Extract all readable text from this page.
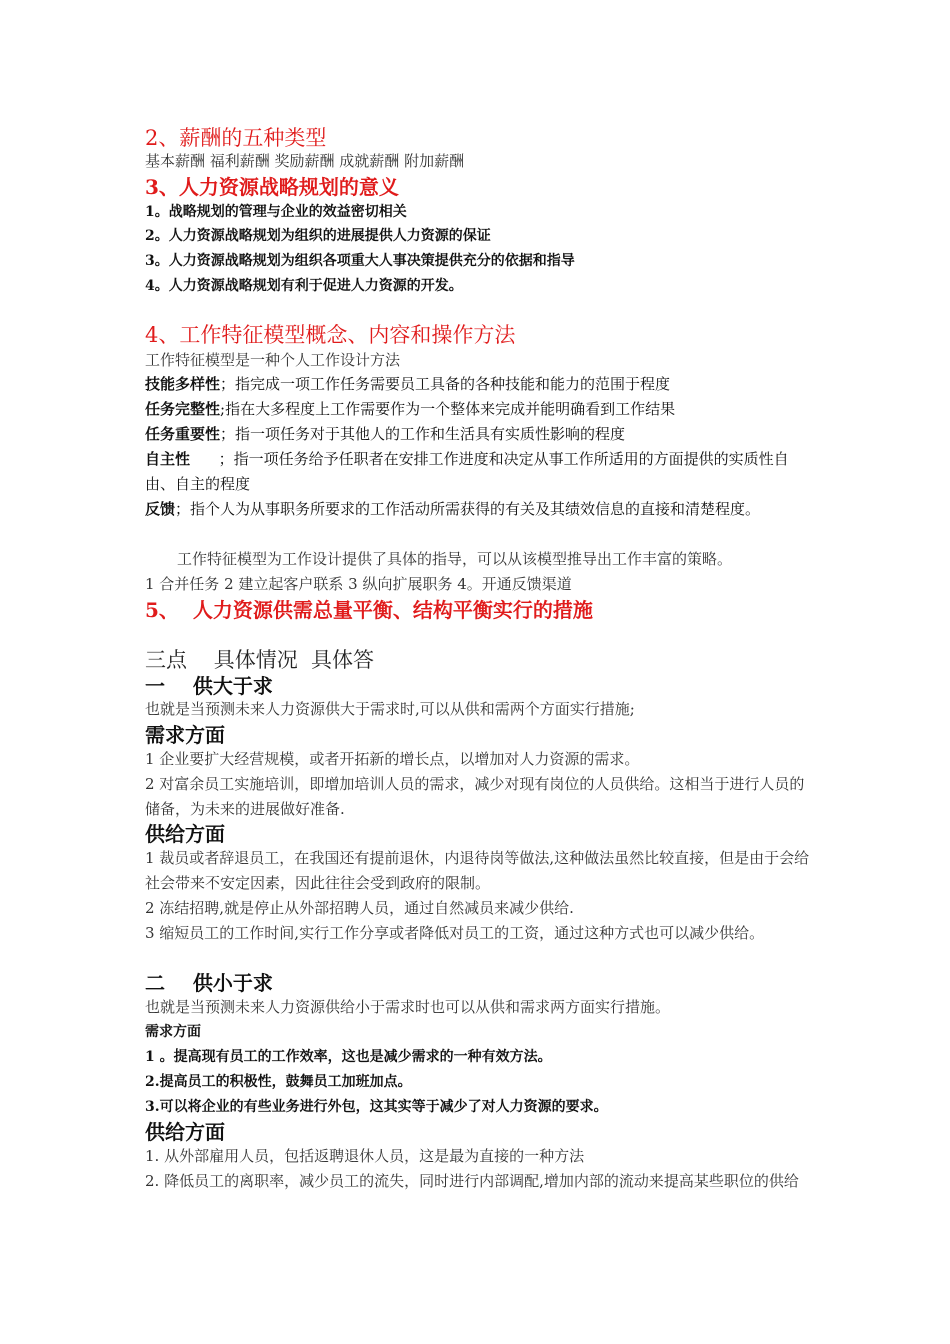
2、薪酬的五种类型
基本薪酬 福利薪酬 奖励薪酬 成就薪酬 附加薪酬
3、人力资源战略规划的意义
1。战略规划的管理与企业的效益密切相关
2。人力资源战略规划为组织的进展提供人力资源的保证
3。人力资源战略规划为组织各项重大人事决策提供充分的依据和指导
4。人力资源战略规划有利于促进人力资源的开发。
4、工作特征模型概念、内容和操作方法
工作特征模型是一种个人工作设计方法
技能多样性；指完成一项工作任务需要员工具备的各种技能和能力的范围于程度
任务完整性;指在大多程度上工作需要作为一个整体来完成并能明确看到工作结果
任务重要性；指一项任务对于其他人的工作和生活具有实质性影响的程度
自主性      ；指一项任务给予任职者在安排工作进度和决定从事工作所适用的方面提供的实质性自由、自主的程度
反馈；指个人为从事职务所要求的工作活动所需获得的有关及其绩效信息的直接和清楚程度。
工作特征模型为工作设计提供了具体的指导，可以从该模型推导出工作丰富的策略。
1 合并任务 2 建立起客户联系 3 纵向扩展职务 4。开通反馈渠道
5、  人力资源供需总量平衡、结构平衡实行的措施
三点    具体情况  具体答
一    供大于求
也就是当预测未来人力资源供大于需求时,可以从供和需两个方面实行措施;
需求方面
1 企业要扩大经营规模，或者开拓新的增长点，以增加对人力资源的需求。
2 对富余员工实施培训，即增加培训人员的需求，减少对现有岗位的人员供给。这相当于进行人员的储备，为未来的进展做好准备.
供给方面
1 裁员或者辞退员工，在我国还有提前退休，内退待岗等做法,这种做法虽然比较直接，但是由于会给社会带来不安定因素，因此往往会受到政府的限制。
2 冻结招聘,就是停止从外部招聘人员，通过自然减员来减少供给.
3 缩短员工的工作时间,实行工作分享或者降低对员工的工资，通过这种方式也可以减少供给。
二    供小于求
也就是当预测未来人力资源供给小于需求时也可以从供和需求两方面实行措施。
需求方面
1 。提高现有员工的工作效率，这也是减少需求的一种有效方法。
2.提高员工的积极性，鼓舞员工加班加点。
3.可以将企业的有些业务进行外包，这其实等于减少了对人力资源的要求。
供给方面
1. 从外部雇用人员，包括返聘退休人员，这是最为直接的一种方法
2. 降低员工的离职率，减少员工的流失，同时进行内部调配,增加内部的流动来提高某些职位的供给
